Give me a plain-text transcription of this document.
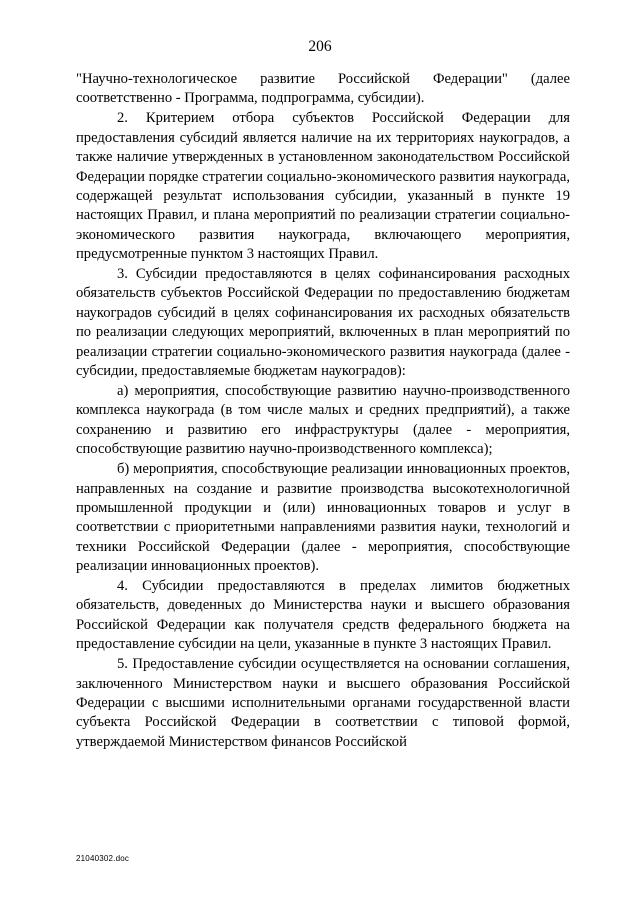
206

"Научно-технологическое развитие Российской Федерации" (далее соответственно - Программа, подпрограмма, субсидии).

2. Критерием отбора субъектов Российской Федерации для предоставления субсидий является наличие на их территориях наукоградов, а также наличие утвержденных в установленном законодательством Российской Федерации порядке стратегии социально-экономического развития наукограда, содержащей результат использования субсидии, указанный в пункте 19 настоящих Правил, и плана мероприятий по реализации стратегии социально-экономического развития наукограда, включающего мероприятия, предусмотренные пунктом 3 настоящих Правил.

3. Субсидии предоставляются в целях софинансирования расходных обязательств субъектов Российской Федерации по предоставлению бюджетам наукоградов субсидий в целях софинансирования их расходных обязательств по реализации следующих мероприятий, включенных в план мероприятий по реализации стратегии социально-экономического развития наукограда (далее - субсидии, предоставляемые бюджетам наукоградов):

а) мероприятия, способствующие развитию научно-производственного комплекса наукограда (в том числе малых и средних предприятий), а также сохранению и развитию его инфраструктуры (далее - мероприятия, способствующие развитию научно-производственного комплекса);

б) мероприятия, способствующие реализации инновационных проектов, направленных на создание и развитие производства высокотехнологичной промышленной продукции и (или) инновационных товаров и услуг в соответствии с приоритетными направлениями развития науки, технологий и техники Российской Федерации (далее - мероприятия, способствующие реализации инновационных проектов).

4. Субсидии предоставляются в пределах лимитов бюджетных обязательств, доведенных до Министерства науки и высшего образования Российской Федерации как получателя средств федерального бюджета на предоставление субсидии на цели, указанные в пункте 3 настоящих Правил.

5. Предоставление субсидии осуществляется на основании соглашения, заключенного Министерством науки и высшего образования Российской Федерации с высшими исполнительными органами государственной власти субъекта Российской Федерации в соответствии с типовой формой, утверждаемой Министерством финансов Российской

21040302.doc
